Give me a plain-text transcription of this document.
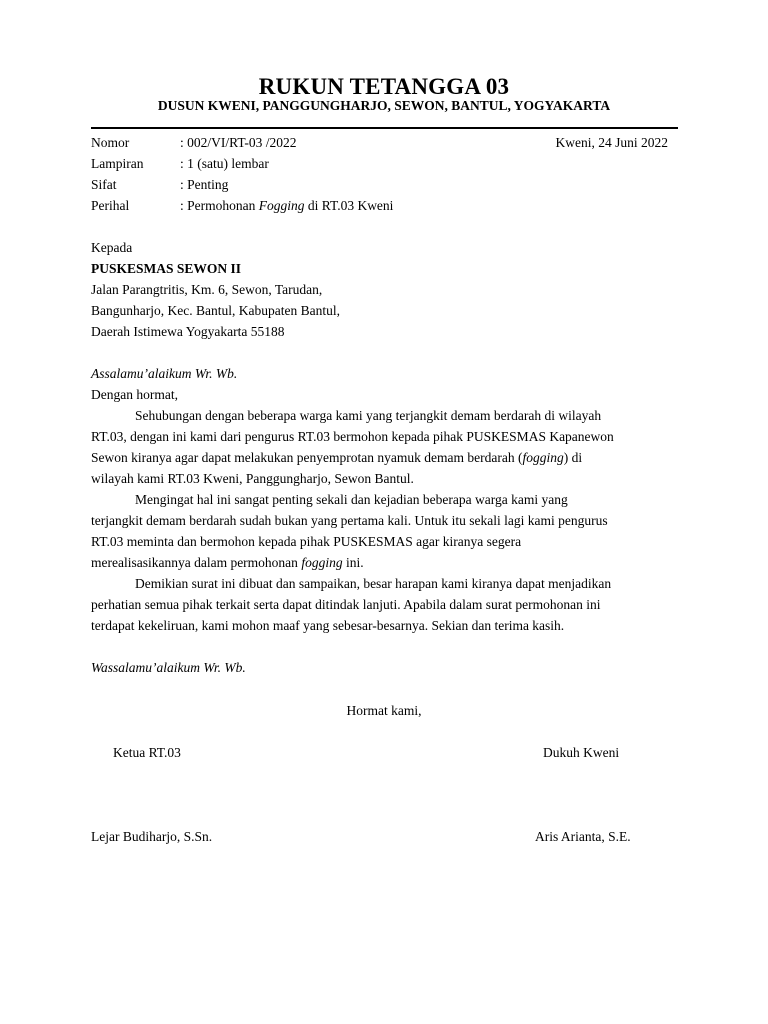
RUKUN TETANGGA 03
DUSUN KWENI, PANGGUNGHARJO, SEWON, BANTUL, YOGYAKARTA
Nomor	: 002/VI/RT-03 /2022	Kweni, 24 Juni 2022
Lampiran	: 1 (satu) lembar
Sifat	: Penting
Perihal	: Permohonan Fogging di RT.03 Kweni
Kepada
PUSKESMAS SEWON II
Jalan Parangtritis, Km. 6, Sewon, Tarudan,
Bangunharjo, Kec. Bantul, Kabupaten Bantul,
Daerah Istimewa Yogyakarta 55188
Assalamu’alaikum Wr. Wb.
Dengan hormat,
Sehubungan dengan beberapa warga kami yang terjangkit demam berdarah di wilayah
RT.03, dengan ini kami dari pengurus RT.03 bermohon kepada pihak PUSKESMAS Kapanewon
Sewon kiranya agar dapat melakukan penyemprotan nyamuk demam berdarah (fogging) di
wilayah kami RT.03 Kweni, Panggungharjo, Sewon Bantul.
Mengingat hal ini sangat penting sekali dan kejadian beberapa warga kami yang
terjangkit demam berdarah sudah bukan yang pertama kali. Untuk itu sekali lagi kami pengurus
RT.03 meminta dan bermohon kepada pihak PUSKESMAS agar kiranya segera
merealisasikannya dalam permohonan fogging ini.
Demikian surat ini dibuat dan sampaikan, besar harapan kami kiranya dapat menjadikan
perhatian semua pihak terkait serta dapat ditindak lanjuti. Apabila dalam surat permohonan ini
terdapat kekeliruan, kami mohon maaf yang sebesar-besarnya. Sekian dan terima kasih.
Wassalamu’alaikum Wr. Wb.
Hormat kami,
Ketua RT.03	Dukuh Kweni
Lejar Budiharjo, S.Sn.	Aris Arianta, S.E.
